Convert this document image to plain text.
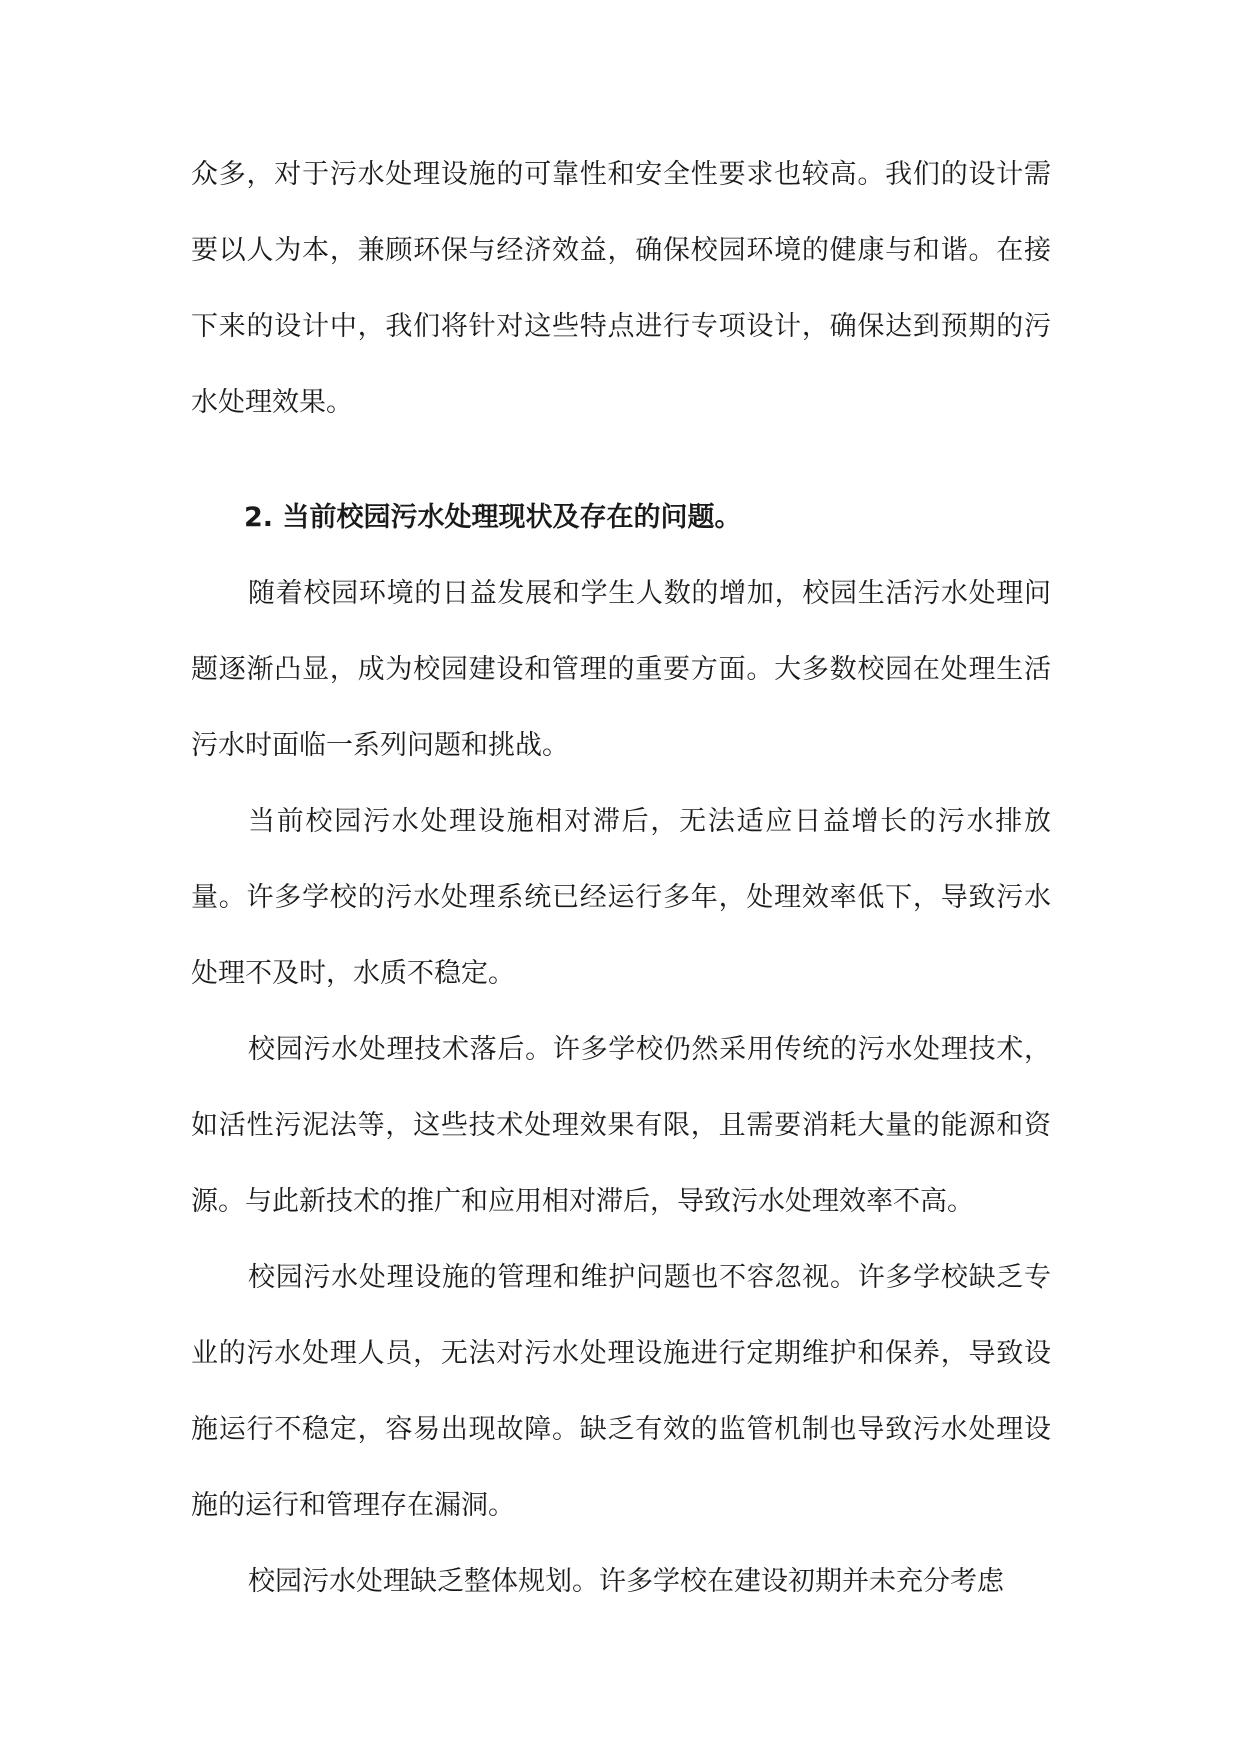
众多，对于污水处理设施的可靠性和安全性要求也较高。我们的设计需要以人为本，兼顾环保与经济效益，确保校园环境的健康与和谐。在接下来的设计中，我们将针对这些特点进行专项设计，确保达到预期的污水处理效果。

2. 当前校园污水处理现状及存在的问题。

随着校园环境的日益发展和学生人数的增加，校园生活污水处理问题逐渐凸显，成为校园建设和管理的重要方面。大多数校园在处理生活污水时面临一系列问题和挑战。

当前校园污水处理设施相对滞后，无法适应日益增长的污水排放量。许多学校的污水处理系统已经运行多年，处理效率低下，导致污水处理不及时，水质不稳定。

校园污水处理技术落后。许多学校仍然采用传统的污水处理技术，如活性污泥法等，这些技术处理效果有限，且需要消耗大量的能源和资源。与此新技术的推广和应用相对滞后，导致污水处理效率不高。

校园污水处理设施的管理和维护问题也不容忽视。许多学校缺乏专业的污水处理人员，无法对污水处理设施进行定期维护和保养，导致设施运行不稳定，容易出现故障。缺乏有效的监管机制也导致污水处理设施的运行和管理存在漏洞。

校园污水处理缺乏整体规划。许多学校在建设初期并未充分考虑
